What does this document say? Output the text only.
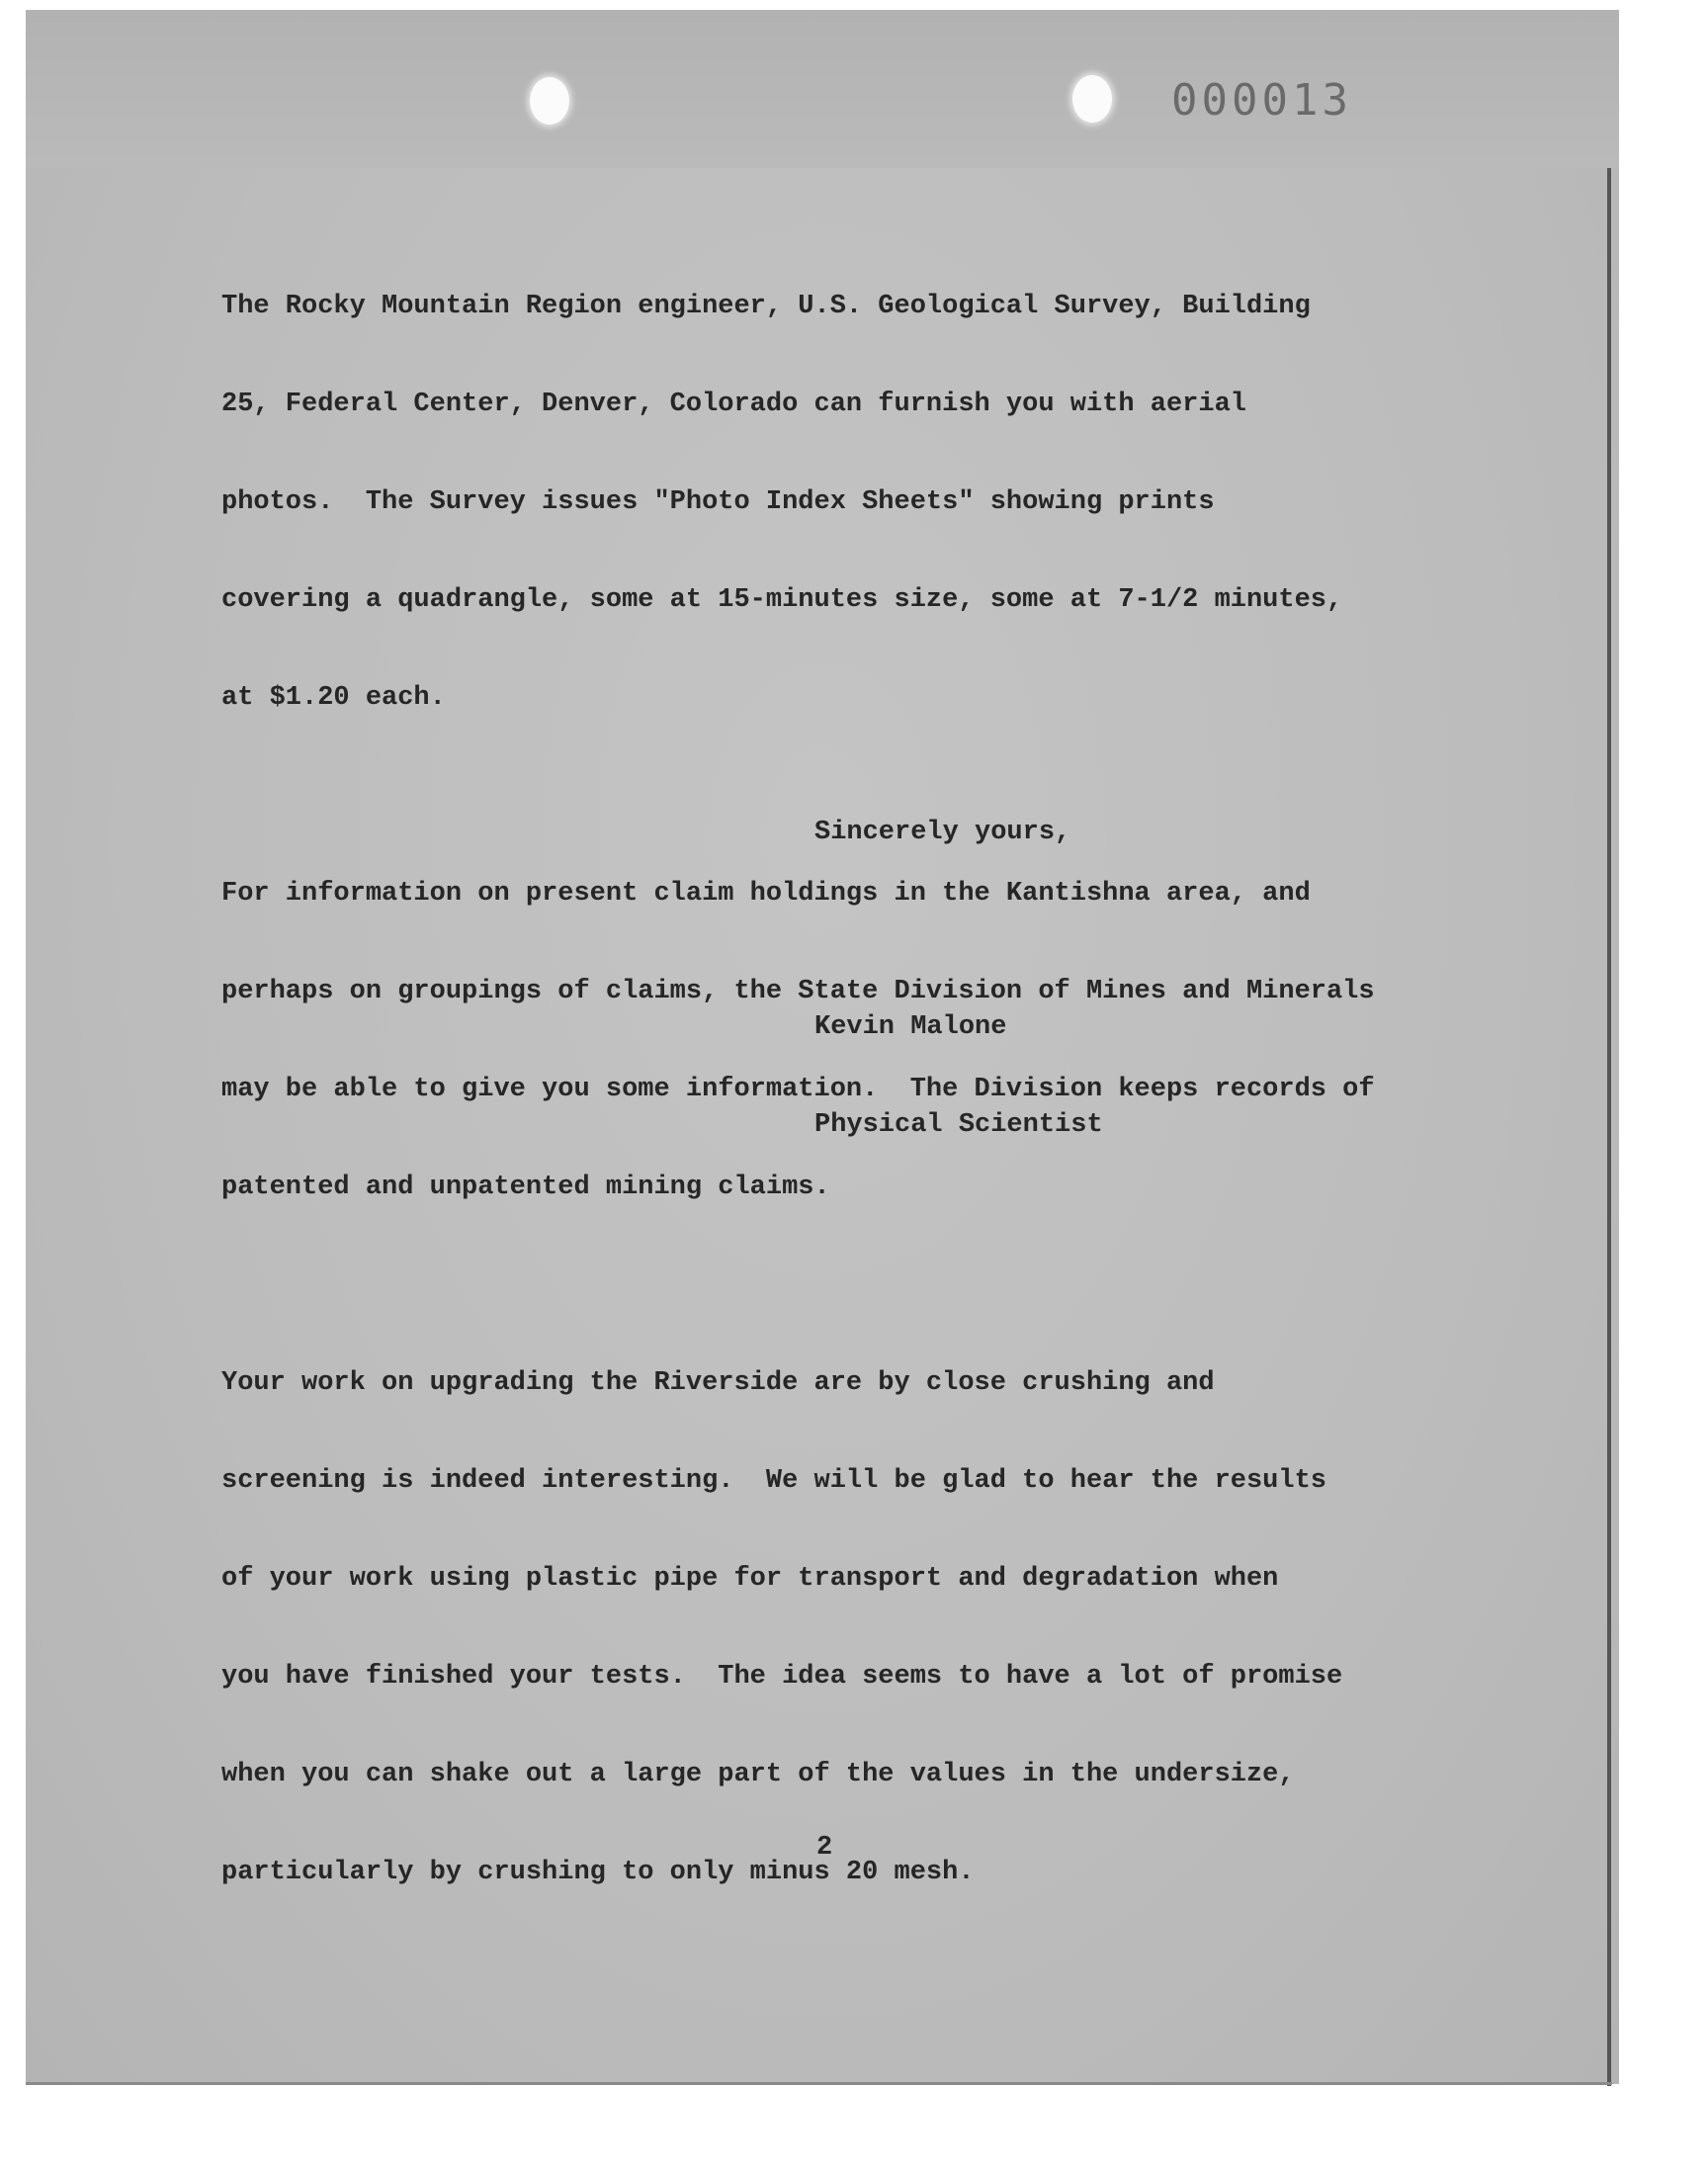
000013

The Rocky Mountain Region engineer, U.S. Geological Survey, Building

25, Federal Center, Denver, Colorado can furnish you with aerial

photos.  The Survey issues "Photo Index Sheets" showing prints

covering a quadrangle, some at 15-minutes size, some at 7-1/2 minutes,

at $1.20 each.

For information on present claim holdings in the Kantishna area, and

perhaps on groupings of claims, the State Division of Mines and Minerals

may be able to give you some information.  The Division keeps records of

patented and unpatented mining claims.

Your work on upgrading the Riverside are by close crushing and

screening is indeed interesting.  We will be glad to hear the results

of your work using plastic pipe for transport and degradation when

you have finished your tests.  The idea seems to have a lot of promise

when you can shake out a large part of the values in the undersize,

particularly by crushing to only minus 20 mesh.

Sincerely yours,

Kevin Malone

Physical Scientist

2
